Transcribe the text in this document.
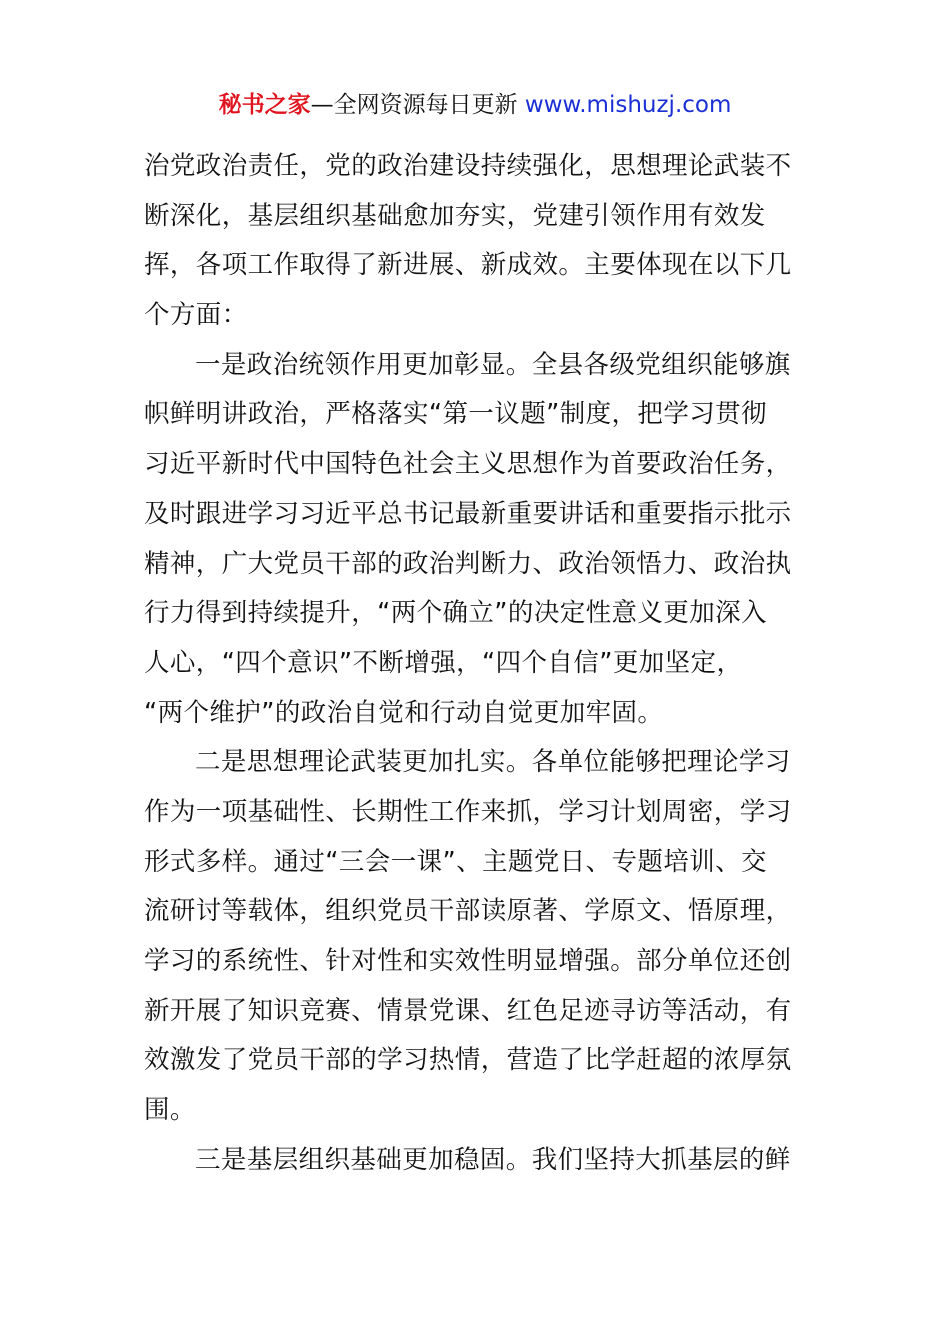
秘书之家—全网资源每日更新 www.mishuzj.com
治党政治责任，党的政治建设持续强化，思想理论武装不
断深化，基层组织基础愈加夯实，党建引领作用有效发
挥，各项工作取得了新进展、新成效。主要体现在以下几
个方面：
一是政治统领作用更加彰显。全县各级党组织能够旗
帜鲜明讲政治，严格落实“第一议题”制度，把学习贯彻
习近平新时代中国特色社会主义思想作为首要政治任务，
及时跟进学习习近平总书记最新重要讲话和重要指示批示
精神，广大党员干部的政治判断力、政治领悟力、政治执
行力得到持续提升，“两个确立”的决定性意义更加深入
人心，“四个意识”不断增强，“四个自信”更加坚定，
“两个维护”的政治自觉和行动自觉更加牢固。
二是思想理论武装更加扎实。各单位能够把理论学习
作为一项基础性、长期性工作来抓，学习计划周密，学习
形式多样。通过“三会一课”、主题党日、专题培训、交
流研讨等载体，组织党员干部读原著、学原文、悟原理，
学习的系统性、针对性和实效性明显增强。部分单位还创
新开展了知识竞赛、情景党课、红色足迹寻访等活动，有
效激发了党员干部的学习热情，营造了比学赶超的浓厚氛
围。
三是基层组织基础更加稳固。我们坚持大抓基层的鲜
